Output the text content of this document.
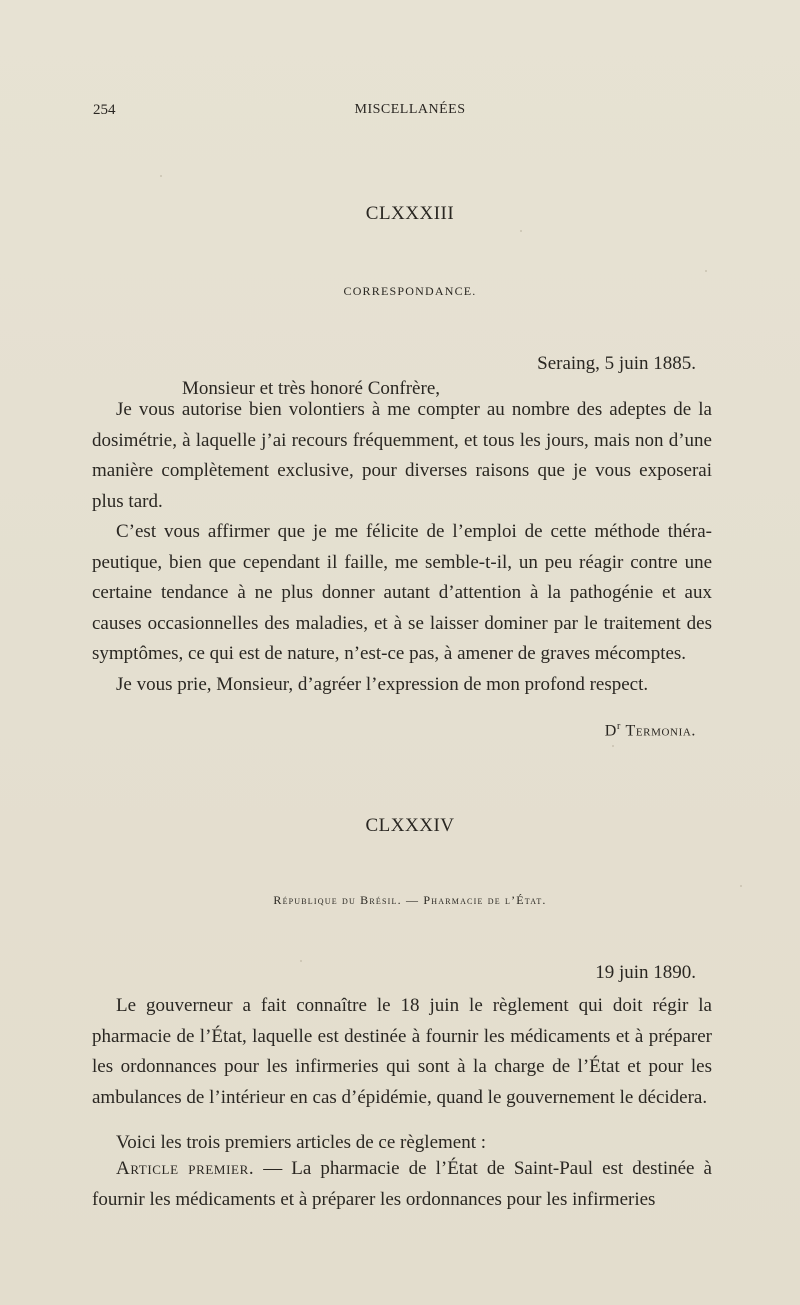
254	MISCELLANÉES
CLXXXIII
CORRESPONDANCE.
Seraing, 5 juin 1885.
Monsieur et très honoré Confrère,

Je vous autorise bien volontiers à me compter au nombre des adeptes de la dosimétrie, à laquelle j’ai recours fréquemment, et tous les jours, mais non d’une manière complètement exclusive, pour diverses raisons que je vous exposerai plus tard.

C’est vous affirmer que je me félicite de l’emploi de cette méthode théra- peutique, bien que cependant il faille, me semble-t-il, un peu réagir contre une certaine tendance à ne plus donner autant d’attention à la pathogénie et aux causes occasionnelles des maladies, et à se laisser dominer par le traitement des symptômes, ce qui est de nature, n’est-ce pas, à amener de graves mécomptes.

Je vous prie, Monsieur, d’agréer l’expression de mon profond respect.

$D^r$ Termonia.
CLXXXIV
République du Brésil. — Pharmacie de l’État.
19 juin 1890.

Le gouverneur a fait connaître le 18 juin le règlement qui doit régir la pharmacie de l’État, laquelle est destinée à fournir les médicaments et à préparer les ordonnances pour les infirmeries qui sont à la charge de l’État et pour les ambulances de l’intérieur en cas d’épidémie, quand le gouvernement le décidera.

Voici les trois premiers articles de ce règlement :

Article premier. — La pharmacie de l’État de Saint-Paul est destinée à fournir les médicaments et à préparer les ordonnances pour les infirmeries
